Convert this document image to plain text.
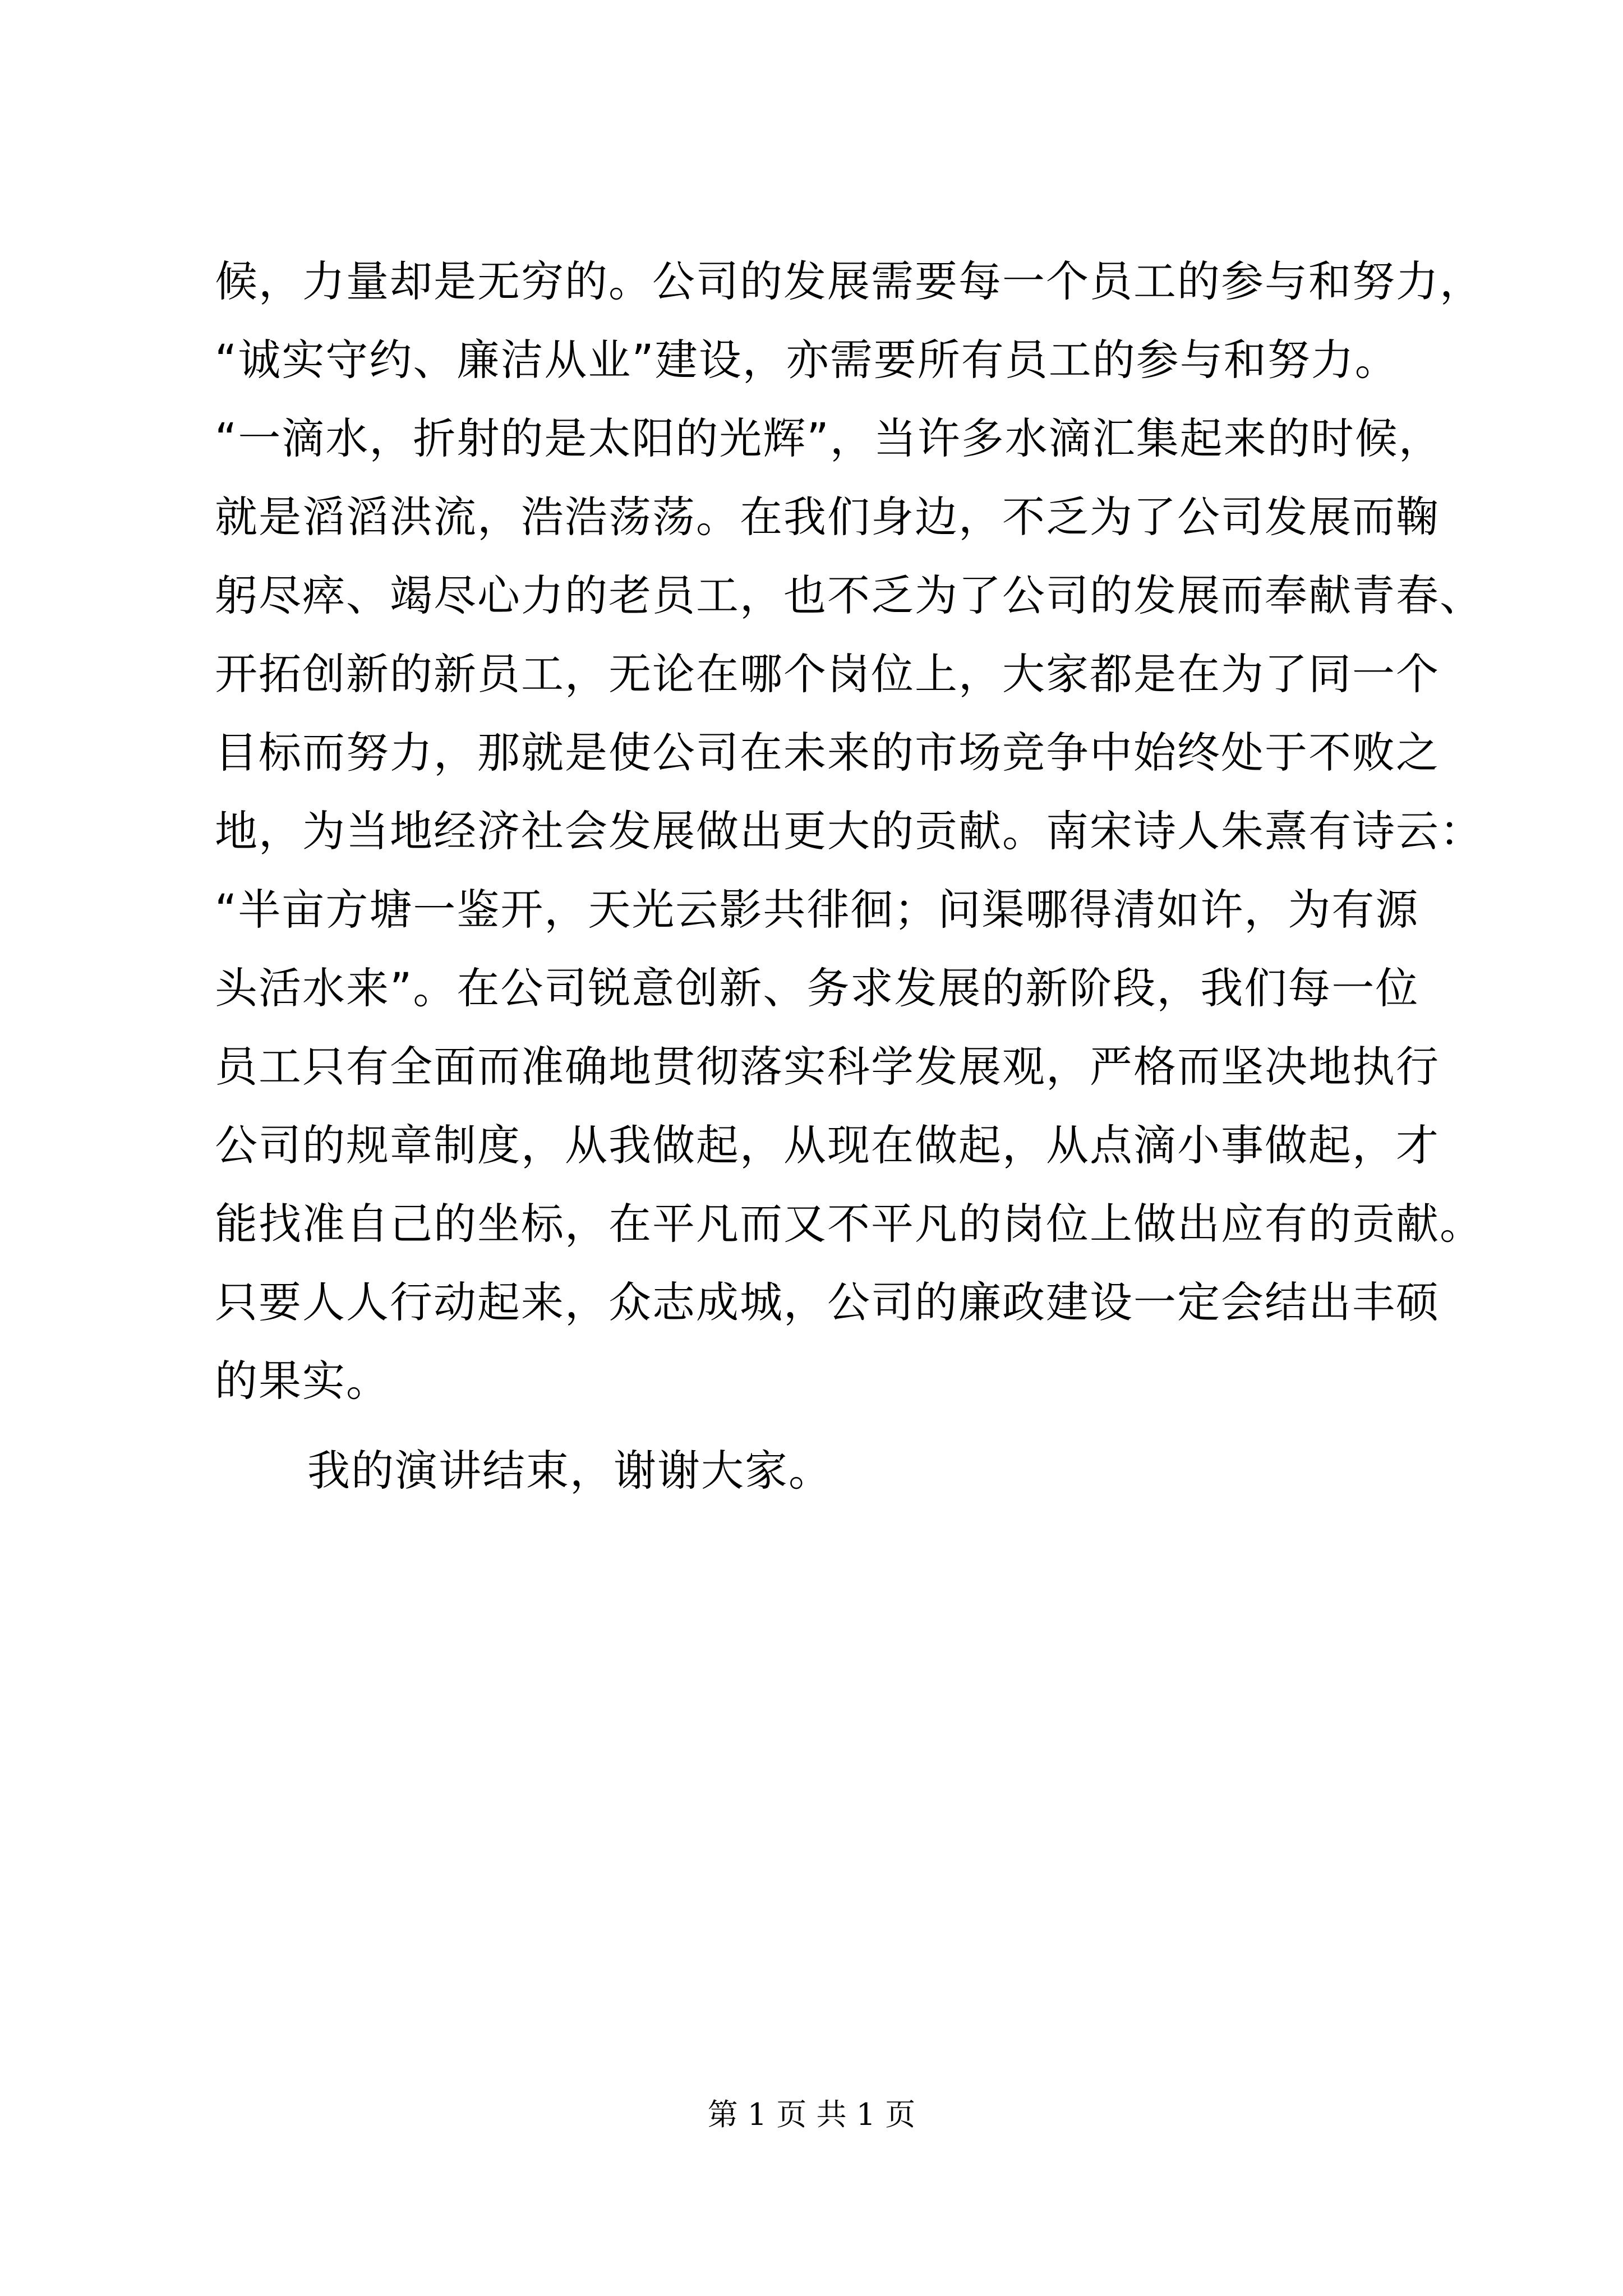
候，力量却是无穷的。公司的发展需要每一个员工的参与和努力，
“诚实守约、廉洁从业”建设，亦需要所有员工的参与和努力。
“一滴水，折射的是太阳的光辉”，当许多水滴汇集起来的时候，
就是滔滔洪流，浩浩荡荡。在我们身边，不乏为了公司发展而鞠
躬尽瘁、竭尽心力的老员工，也不乏为了公司的发展而奉献青春、
开拓创新的新员工，无论在哪个岗位上，大家都是在为了同一个
目标而努力，那就是使公司在未来的市场竞争中始终处于不败之
地，为当地经济社会发展做出更大的贡献。南宋诗人朱熹有诗云：
“半亩方塘一鉴开，天光云影共徘徊；问渠哪得清如许，为有源
头活水来”。在公司锐意创新、务求发展的新阶段，我们每一位
员工只有全面而准确地贯彻落实科学发展观，严格而坚决地执行
公司的规章制度，从我做起，从现在做起，从点滴小事做起，才
能找准自己的坐标，在平凡而又不平凡的岗位上做出应有的贡献。
只要人人行动起来，众志成城，公司的廉政建设一定会结出丰硕
的果实。
我的演讲结束，谢谢大家。
第 1 页 共 1 页
